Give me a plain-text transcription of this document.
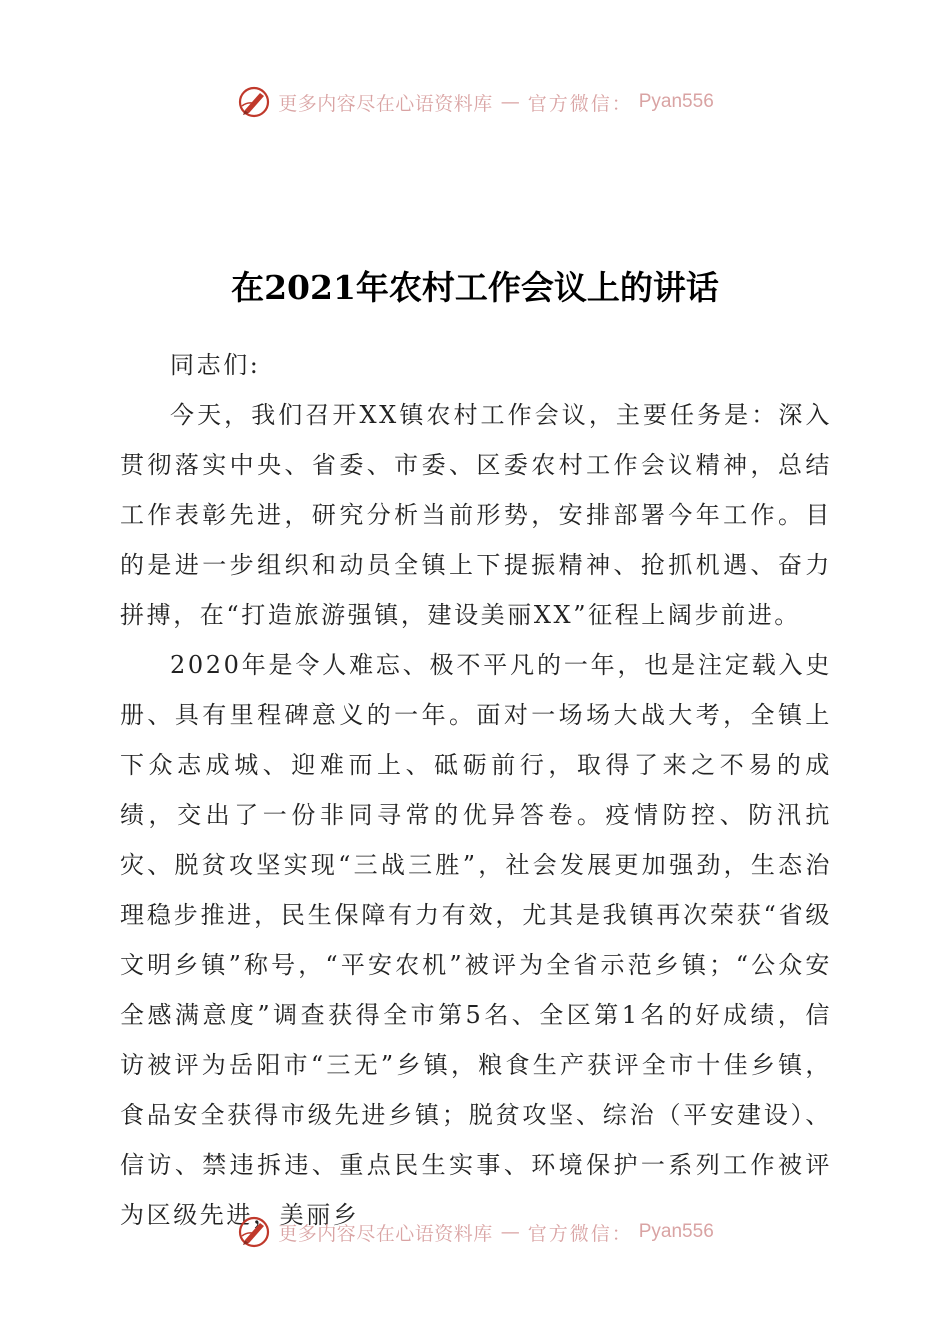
更多内容尽在心语资料库 — 官方微信： Pyan556
在2021年农村工作会议上的讲话

同志们:

今天，我们召开XX镇农村工作会议，主要任务是：深入贯彻落实中央、省委、市委、区委农村工作会议精神，总结工作表彰先进，研究分析当前形势，安排部署今年工作。目的是进一步组织和动员全镇上下提振精神、抢抓机遇、奋力拼搏，在“打造旅游强镇，建设美丽XX”征程上阔步前进。

2020年是令人难忘、极不平凡的一年，也是注定载入史册、具有里程碑意义的一年。面对一场场大战大考，全镇上下众志成城、迎难而上、砥砺前行，取得了来之不易的成绩，交出了一份非同寻常的优异答卷。疫情防控、防汛抗灾、脱贫攻坚实现“三战三胜”，社会发展更加强劲，生态治理稳步推进，民生保障有力有效，尤其是我镇再次荣获“省级文明乡镇”称号，“平安农机”被评为全省示范乡镇；“公众安全感满意度”调查获得全市第5名、全区第1名的好成绩，信访被评为岳阳市“三无”乡镇，粮食生产获评全市十佳乡镇，食品安全获得市级先进乡镇；脱贫攻坚、综治（平安建设）、信访、禁违拆违、重点民生实事、环境保护一系列工作被评为区级先进，美丽乡

更多内容尽在心语资料库 — 官方微信： Pyan556
